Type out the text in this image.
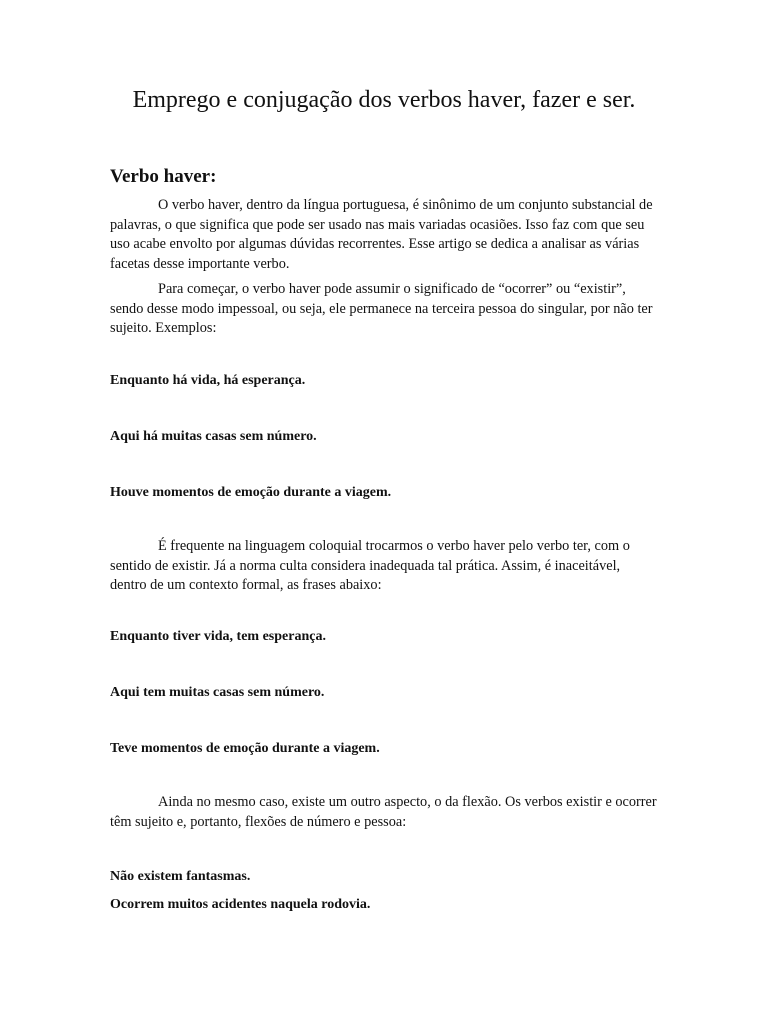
Emprego e conjugação dos verbos haver, fazer e ser.
Verbo haver:

O verbo haver, dentro da língua portuguesa, é sinônimo de um conjunto substancial de palavras, o que significa que pode ser usado nas mais variadas ocasiões. Isso faz com que seu uso acabe envolto por algumas dúvidas recorrentes. Esse artigo se dedica a analisar as várias facetas desse importante verbo.

Para começar, o verbo haver pode assumir o significado de “ocorrer” ou “existir”, sendo desse modo impessoal, ou seja, ele permanece na terceira pessoa do singular, por não ter sujeito. Exemplos:

Enquanto há vida, há esperança.

Aqui há muitas casas sem número.

Houve momentos de emoção durante a viagem.

É frequente na linguagem coloquial trocarmos o verbo haver pelo verbo ter, com o sentido de existir. Já a norma culta considera inadequada tal prática. Assim, é inaceitável, dentro de um contexto formal, as frases abaixo:

Enquanto tiver vida, tem esperança.

Aqui tem muitas casas sem número.

Teve momentos de emoção durante a viagem.

Ainda no mesmo caso, existe um outro aspecto, o da flexão. Os verbos existir e ocorrer têm sujeito e, portanto, flexões de número e pessoa:

Não existem fantasmas.

Ocorrem muitos acidentes naquela rodovia.
